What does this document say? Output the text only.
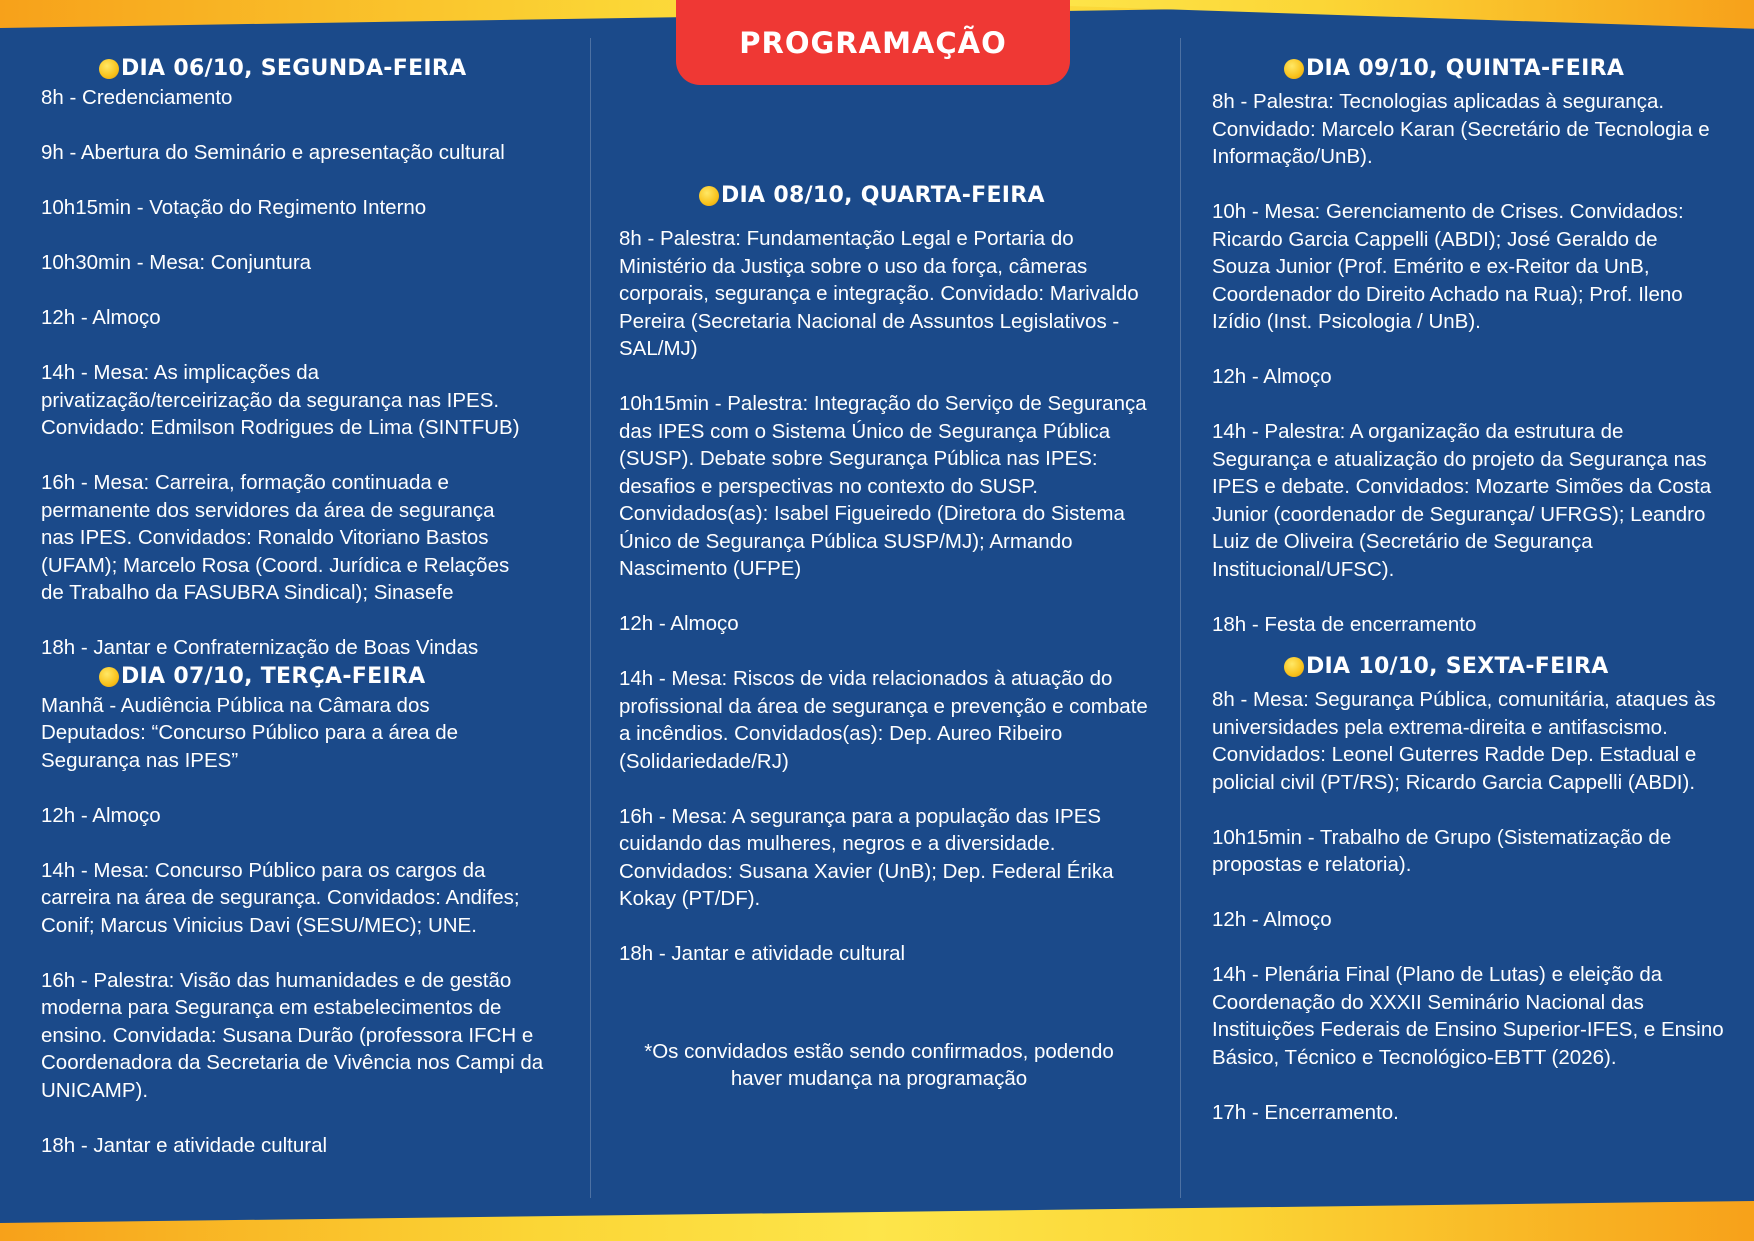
PROGRAMAÇÃO
DIA 06/10, SEGUNDA-FEIRA

8h - Credenciamento

9h - Abertura do Seminário e apresentação cultural

10h15min - Votação do Regimento Interno

10h30min - Mesa: Conjuntura

12h - Almoço

14h - Mesa: As implicações da privatização/terceirização da segurança nas IPES. Convidado: Edmilson Rodrigues de Lima (SINTFUB)

16h - Mesa: Carreira, formação continuada e permanente dos servidores da área de segurança nas IPES. Convidados: Ronaldo Vitoriano Bastos (UFAM); Marcelo Rosa (Coord. Jurídica e Relações de Trabalho da FASUBRA Sindical); Sinasefe

18h - Jantar e Confraternização de Boas Vindas

DIA 07/10, TERÇA-FEIRA

Manhã - Audiência Pública na Câmara dos Deputados: “Concurso Público para a área de Segurança nas IPES”

12h - Almoço

14h - Mesa: Concurso Público para os cargos da carreira na área de segurança. Convidados: Andifes; Conif; Marcus Vinicius Davi (SESU/MEC); UNE.

16h - Palestra: Visão das humanidades e de gestão moderna para Segurança em estabelecimentos de ensino. Convidada: Susana Durão (professora IFCH e Coordenadora da Secretaria de Vivência nos Campi da UNICAMP).

18h - Jantar e atividade cultural

DIA 08/10, QUARTA-FEIRA

8h - Palestra: Fundamentação Legal e Portaria do Ministério da Justiça sobre o uso da força, câmeras corporais, segurança e integração. Convidado: Marivaldo Pereira (Secretaria Nacional de Assuntos Legislativos - SAL/MJ)

10h15min - Palestra: Integração do Serviço de Segurança das IPES com o Sistema Único de Segurança Pública (SUSP). Debate sobre Segurança Pública nas IPES: desafios e perspectivas no contexto do SUSP. Convidados(as): Isabel Figueiredo (Diretora do Sistema Único de Segurança Pública SUSP/MJ); Armando Nascimento (UFPE)

12h - Almoço

14h - Mesa: Riscos de vida relacionados à atuação do profissional da área de segurança e prevenção e combate a incêndios. Convidados(as): Dep. Aureo Ribeiro (Solidariedade/RJ)

16h - Mesa: A segurança para a população das IPES cuidando das mulheres, negros e a diversidade. Convidados: Susana Xavier (UnB); Dep. Federal Érika Kokay (PT/DF).

18h - Jantar e atividade cultural

*Os convidados estão sendo confirmados, podendo haver mudança na programação
DIA 09/10, QUINTA-FEIRA

8h - Palestra: Tecnologias aplicadas à segurança. Convidado: Marcelo Karan (Secretário de Tecnologia e Informação/UnB).

10h - Mesa: Gerenciamento de Crises. Convidados: Ricardo Garcia Cappelli (ABDI); José Geraldo de Souza Junior (Prof. Emérito e ex-Reitor da UnB, Coordenador do Direito Achado na Rua); Prof. Ileno Izídio (Inst. Psicologia / UnB).

12h - Almoço

14h - Palestra: A organização da estrutura de Segurança e atualização do projeto da Segurança nas IPES e debate. Convidados: Mozarte Simões da Costa Junior (coordenador de Segurança/ UFRGS); Leandro Luiz de Oliveira (Secretário de Segurança Institucional/UFSC).

18h - Festa de encerramento

DIA 10/10, SEXTA-FEIRA

8h - Mesa: Segurança Pública, comunitária, ataques às universidades pela extrema-direita e antifascismo. Convidados: Leonel Guterres Radde Dep. Estadual e policial civil (PT/RS); Ricardo Garcia Cappelli (ABDI).

10h15min - Trabalho de Grupo (Sistematização de propostas e relatoria).

12h - Almoço

14h - Plenária Final (Plano de Lutas) e eleição da Coordenação do XXXII Seminário Nacional das Instituições Federais de Ensino Superior-IFES, e Ensino Básico, Técnico e Tecnológico-EBTT (2026).

17h - Encerramento.
